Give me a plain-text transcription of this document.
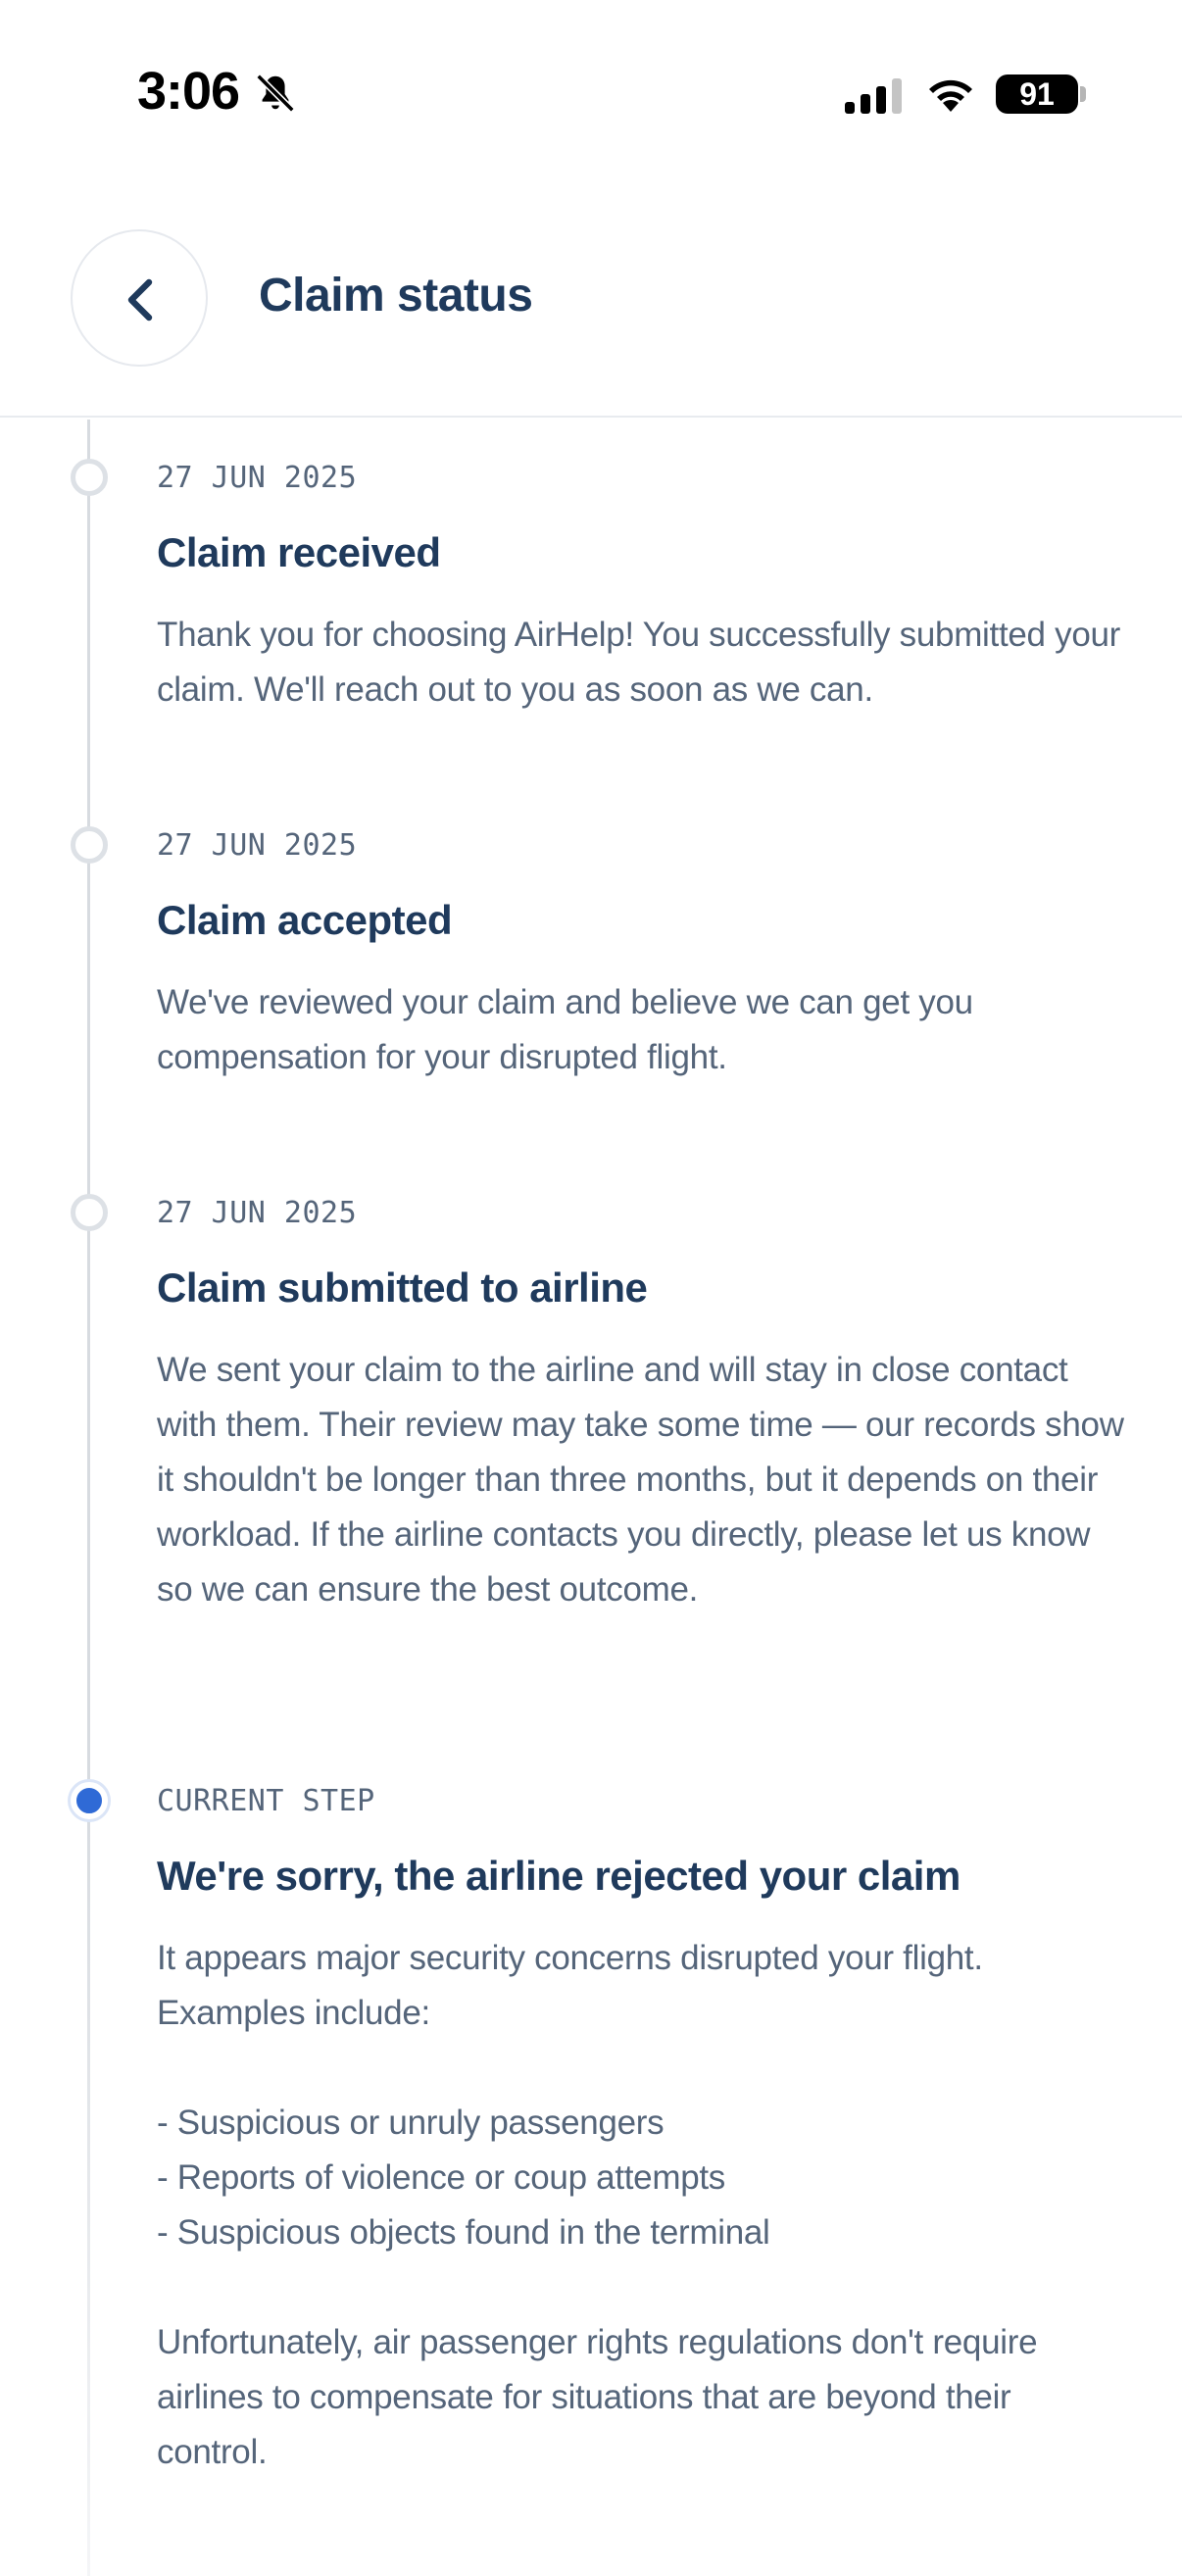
3:06	91
Claim status
27 JUN 2025
Claim received
Thank you for choosing AirHelp! You successfully submitted your claim. We'll reach out to you as soon as we can.
27 JUN 2025
Claim accepted
We've reviewed your claim and believe we can get you compensation for your disrupted flight.
27 JUN 2025
Claim submitted to airline
We sent your claim to the airline and will stay in close contact with them. Their review may take some time — our records show it shouldn't be longer than three months, but it depends on their workload. If the airline contacts you directly, please let us know so we can ensure the best outcome.
CURRENT STEP
We're sorry, the airline rejected your claim
It appears major security concerns disrupted your flight.
Examples include:

- Suspicious or unruly passengers
- Reports of violence or coup attempts
- Suspicious objects found in the terminal

Unfortunately, air passenger rights regulations don't require airlines to compensate for situations that are beyond their control.
